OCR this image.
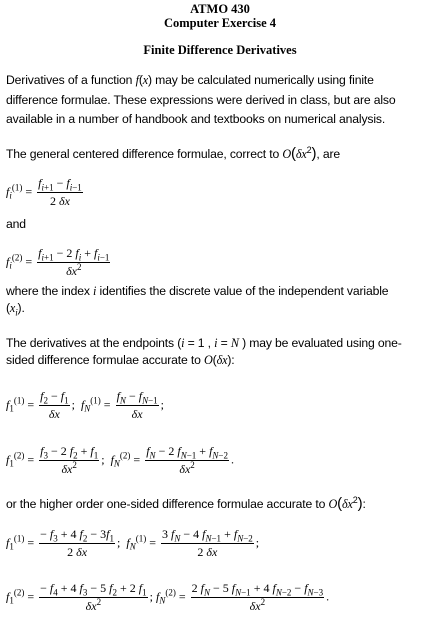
ATMO 430
Computer Exercise 4
Finite Difference Derivatives
Derivatives of a function f(x) may be calculated numerically using finite
difference formulae. These expressions were derived in class, but are also
available in a number of handbook and textbooks on numerical analysis.
The general centered difference formulae, correct to $O(\delta x^2)$, are
$f_i^{(1)} = \frac{f_{i+1} - f_{i-1}}{2 \delta x}$
and
$f_i^{(2)} = \frac{f_{i+1} - 2 f_i + f_{i-1}}{\delta x^2}$
where the index i identifies the discrete value of the independent variable
$(x_i)$.
The derivatives at the endpoints (i = 1 , i = N ) may be evaluated using one-
sided difference formulae accurate to O(δx):
$f_1^{(1)} = \frac{f_2 - f_1}{\delta x}$ ;  $f_N^{(1)} = \frac{f_N - f_{N-1}}{\delta x}$ ;
$f_1^{(2)} = \frac{f_3 - 2 f_2 + f_1}{\delta x^2}$ ;  $f_N^{(2)} = \frac{f_N - 2 f_{N-1} + f_{N-2}}{\delta x^2}$ .
or the higher order one-sided difference formulae accurate to $O(\delta x^2)$:
$f_1^{(1)} = \frac{- f_3 + 4 f_2 - 3f_1}{2 \delta x}$ ;  $f_N^{(1)} = \frac{3 f_N - 4 f_{N-1} + f_{N-2}}{2 \delta x}$ ;
$f_1^{(2)} = \frac{- f_4 + 4 f_3 - 5 f_2 + 2 f_1}{\delta x^2}$ ; $f_N^{(2)} = \frac{2 f_N - 5 f_{N-1} + 4 f_{N-2} - f_{N-3}}{\delta x^2}$ .
